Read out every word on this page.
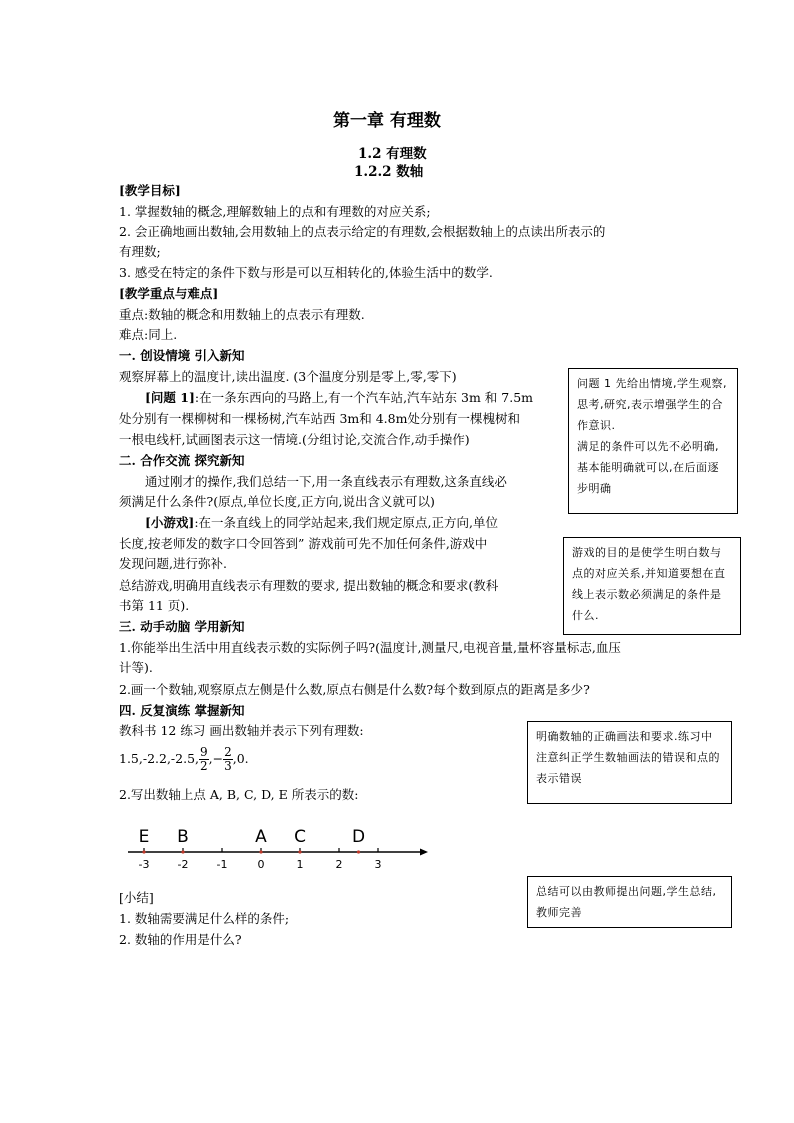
第一章 有理数
1.2 有理数
1.2.2 数轴
[教学目标]
1. 掌握数轴的概念,理解数轴上的点和有理数的对应关系;
2. 会正确地画出数轴,会用数轴上的点表示给定的有理数,会根据数轴上的点读出所表示的
有理数;
3. 感受在特定的条件下数与形是可以互相转化的,体验生活中的数学.
[教学重点与难点]
重点:数轴的概念和用数轴上的点表示有理数.
难点:同上.
一. 创设情境 引入新知
观察屏幕上的温度计,读出温度. (3个温度分别是零上,零,零下)
[问题 1]:在一条东西向的马路上,有一个汽车站,汽车站东 3m 和 7.5m
处分别有一棵柳树和一棵杨树,汽车站西 3m和 4.8m处分别有一棵槐树和
一根电线杆,试画图表示这一情境.(分组讨论,交流合作,动手操作)
二. 合作交流 探究新知
通过刚才的操作,我们总结一下,用一条直线表示有理数,这条直线必
须满足什么条件?(原点,单位长度,正方向,说出含义就可以)
[小游戏]:在一条直线上的同学站起来,我们规定原点,正方向,单位
长度,按老师发的数字口令回答到” 游戏前可先不加任何条件,游戏中
发现问题,进行弥补.
总结游戏,明确用直线表示有理数的要求, 提出数轴的概念和要求(教科
书第 11 页).
三. 动手动脑 学用新知
1.你能举出生活中用直线表示数的实际例子吗?(温度计,测量尺,电视音量,量杯容量标志,血压
计等).
2.画一个数轴,观察原点左侧是什么数,原点右侧是什么数?每个数到原点的距离是多少?
四. 反复演练 掌握新知
教科书 12 练习 画出数轴并表示下列有理数:
1.5,-2.2,-2.5, $\frac{9}{2}$ ,− $\frac{2}{3} ,0$.
2.写出数轴上点 A, B, C, D, E 所表示的数:
-3	-2	-1	0	1	2	3
E B	A C	D
[小结]
1. 数轴需要满足什么样的条件;
2. 数轴的作用是什么?

问题 1 先给出情境,学生观察,思考,研究,表示增强学生的合作意识.

满足的条件可以先不必明确,基本能明确就可以,在后面逐步明确

游戏的目的是使学生明白数与点的对应关系,并知道要想在直线上表示数必须满足的条件是什么.

明确数轴的正确画法和要求.练习中注意纠正学生数轴画法的错误和点的表示错误

总结可以由教师提出问题,学生总结,教师完善
